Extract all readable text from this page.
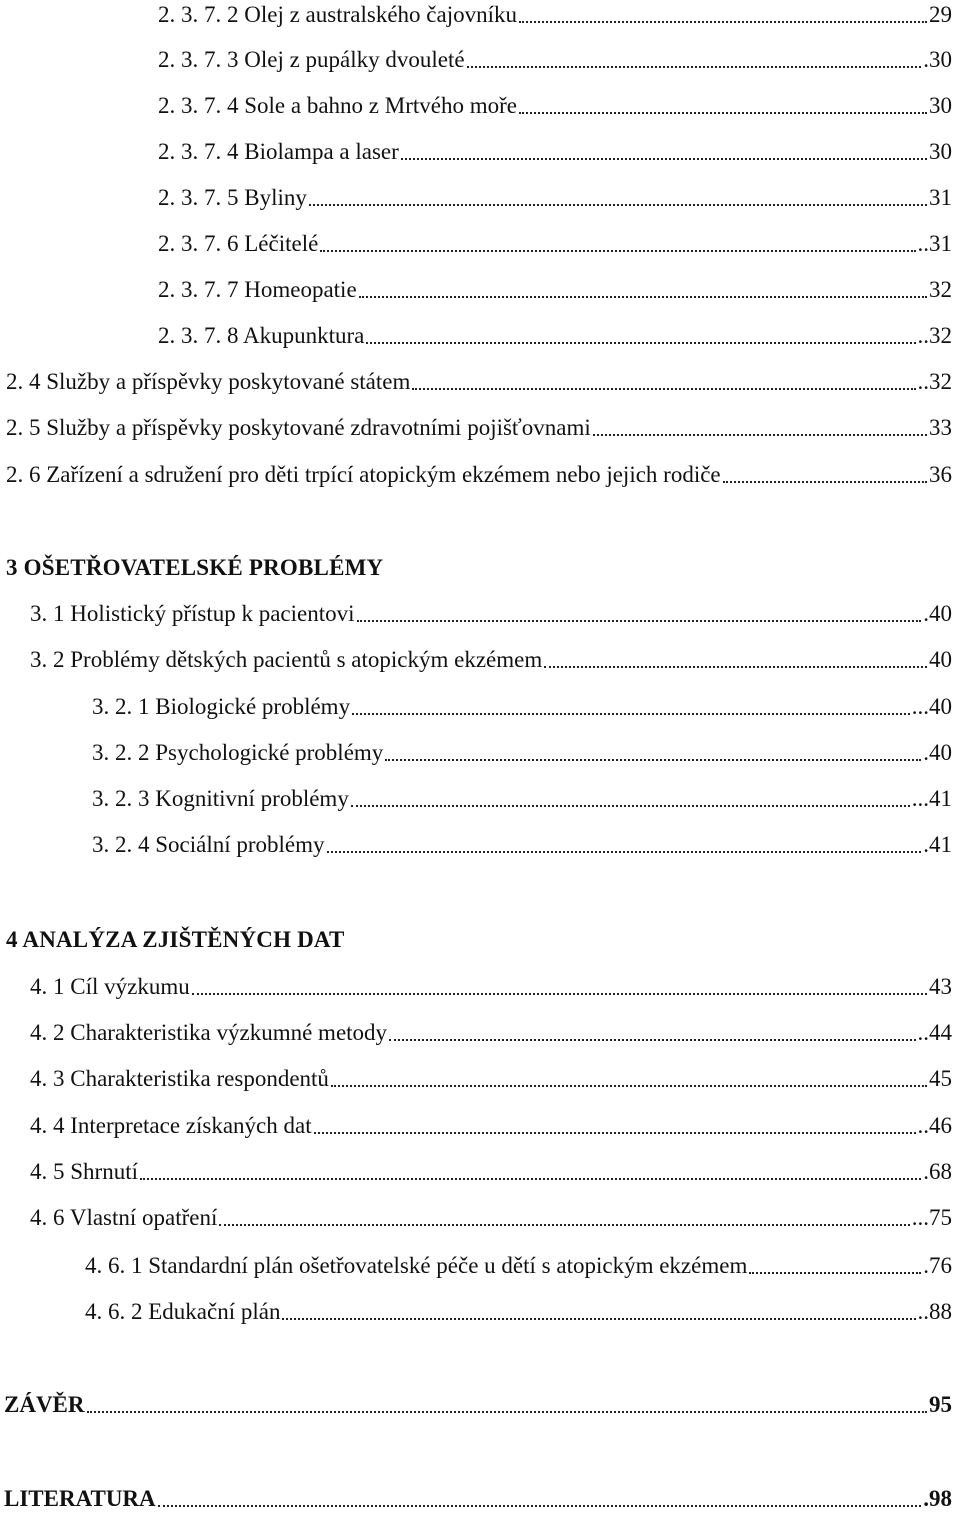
2. 3. 7. 2 Olej z australského čajovníku	29
2. 3. 7. 3 Olej z pupálky dvouleté	.30
2. 3. 7. 4 Sole a bahno z Mrtvého moře	30
2. 3. 7. 4 Biolampa a laser	30
2. 3. 7. 5 Byliny	31
2. 3. 7. 6 Léčitelé	..31
2. 3. 7. 7 Homeopatie	32
2. 3. 7. 8 Akupunktura	..32
2. 4 Služby a příspěvky poskytované státem	..32
2. 5 Služby a příspěvky poskytované zdravotními pojišťovnami	33
2. 6 Zařízení a sdružení pro děti trpící atopickým ekzémem nebo jejich rodiče	36
3 OŠETŘOVATELSKÉ PROBLÉMY
3. 1 Holistický přístup k pacientovi	.40
3. 2 Problémy dětských pacientů s atopickým ekzémem	40
3. 2. 1 Biologické problémy	...40
3. 2. 2 Psychologické problémy	.40
3. 2. 3 Kognitivní problémy	...41
3. 2. 4 Sociální problémy	.41
4 ANALÝZA ZJIŠTĚNÝCH DAT
4. 1 Cíl výzkumu	43
4. 2 Charakteristika výzkumné metody	..44
4. 3 Charakteristika respondentů	45
4. 4 Interpretace získaných dat	..46
4. 5 Shrnutí	.68
4. 6 Vlastní opatření	...75
4. 6. 1 Standardní plán ošetřovatelské péče u dětí s atopickým ekzémem	.76
4. 6. 2 Edukační plán	..88
ZÁVĚR	95
LITERATURA	.98
